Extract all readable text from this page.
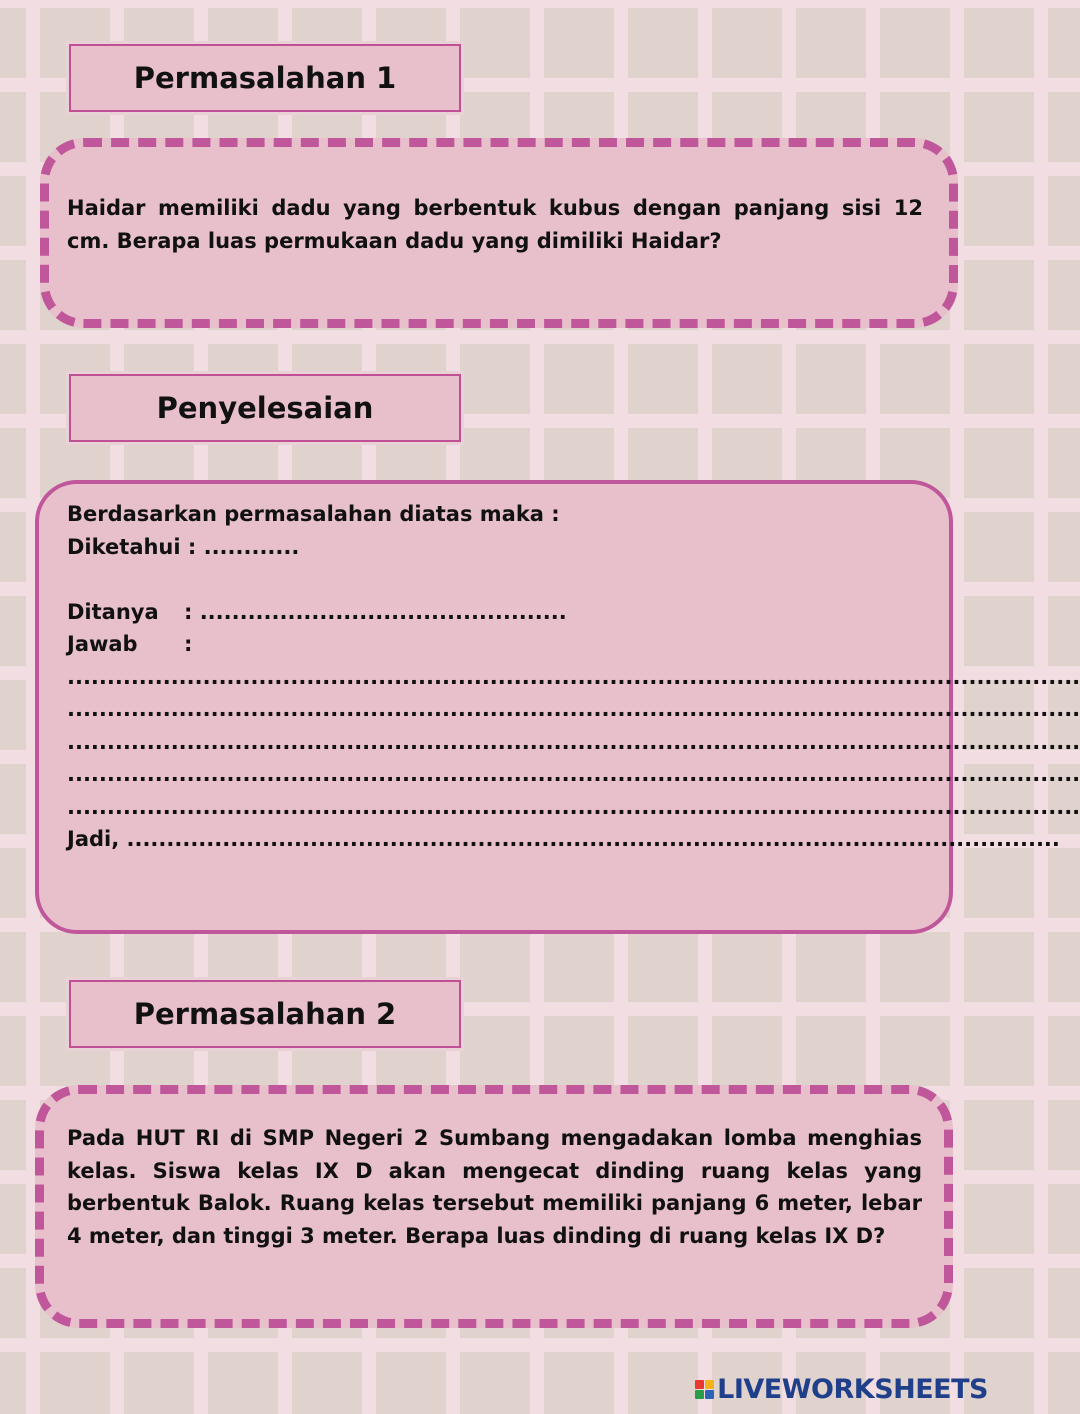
Permasalahan 1
Haidar memiliki dadu yang berbentuk kubus dengan panjang sisi 12 cm. Berapa luas permukaan dadu yang dimiliki Haidar?
Penyelesaian
Berdasarkan permasalahan diatas maka :
Diketahui : ............
Ditanya : ..............................................
Jawab :
...............................................................................................................................
...............................................................................................................................
...............................................................................................................................
...............................................................................................................................
...............................................................................................................................
Jadi, .....................................................................................................................
Permasalahan 2
Pada HUT RI di SMP Negeri 2 Sumbang mengadakan lomba menghias kelas. Siswa kelas IX D akan mengecat dinding ruang kelas yang berbentuk Balok. Ruang kelas tersebut memiliki panjang 6 meter, lebar 4 meter, dan tinggi 3 meter. Berapa luas dinding di ruang kelas IX D?
LIVEWORKSHEETS
